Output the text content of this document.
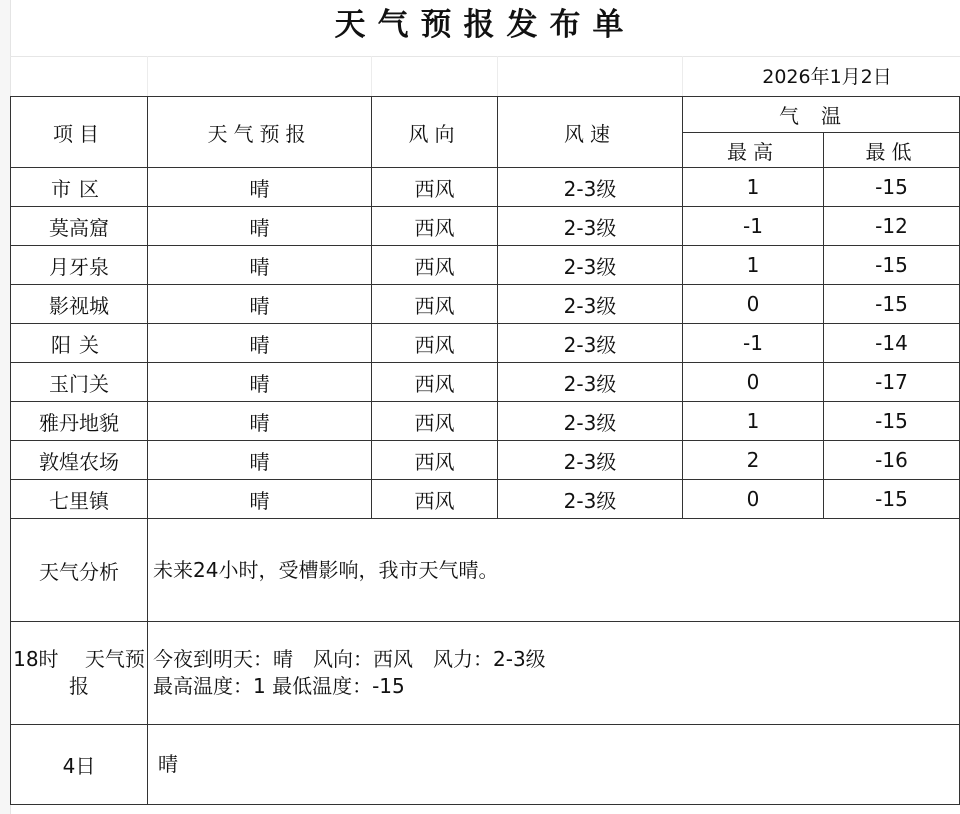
天气预报发布单
2026年1月2日
项目	天气预报	风向	风速	气温	
				最高	最低
市区	晴	西风	2-3级	1	-15
莫高窟	晴	西风	2-3级	-1	-12
月牙泉	晴	西风	2-3级	1	-15
影视城	晴	西风	2-3级	0	-15
阳关	晴	西风	2-3级	-1	-14
玉门关	晴	西风	2-3级	0	-17
雅丹地貌	晴	西风	2-3级	1	-15
敦煌农场	晴	西风	2-3级	2	-16
七里镇	晴	西风	2-3级	0	-15
天气分析	未来24小时，受槽影响，我市天气晴。				
18时　 天气预报	今夜到明天：晴　风向：西风　风力：2-3级
最高温度：1 最低温度：-15				

4日	晴				
